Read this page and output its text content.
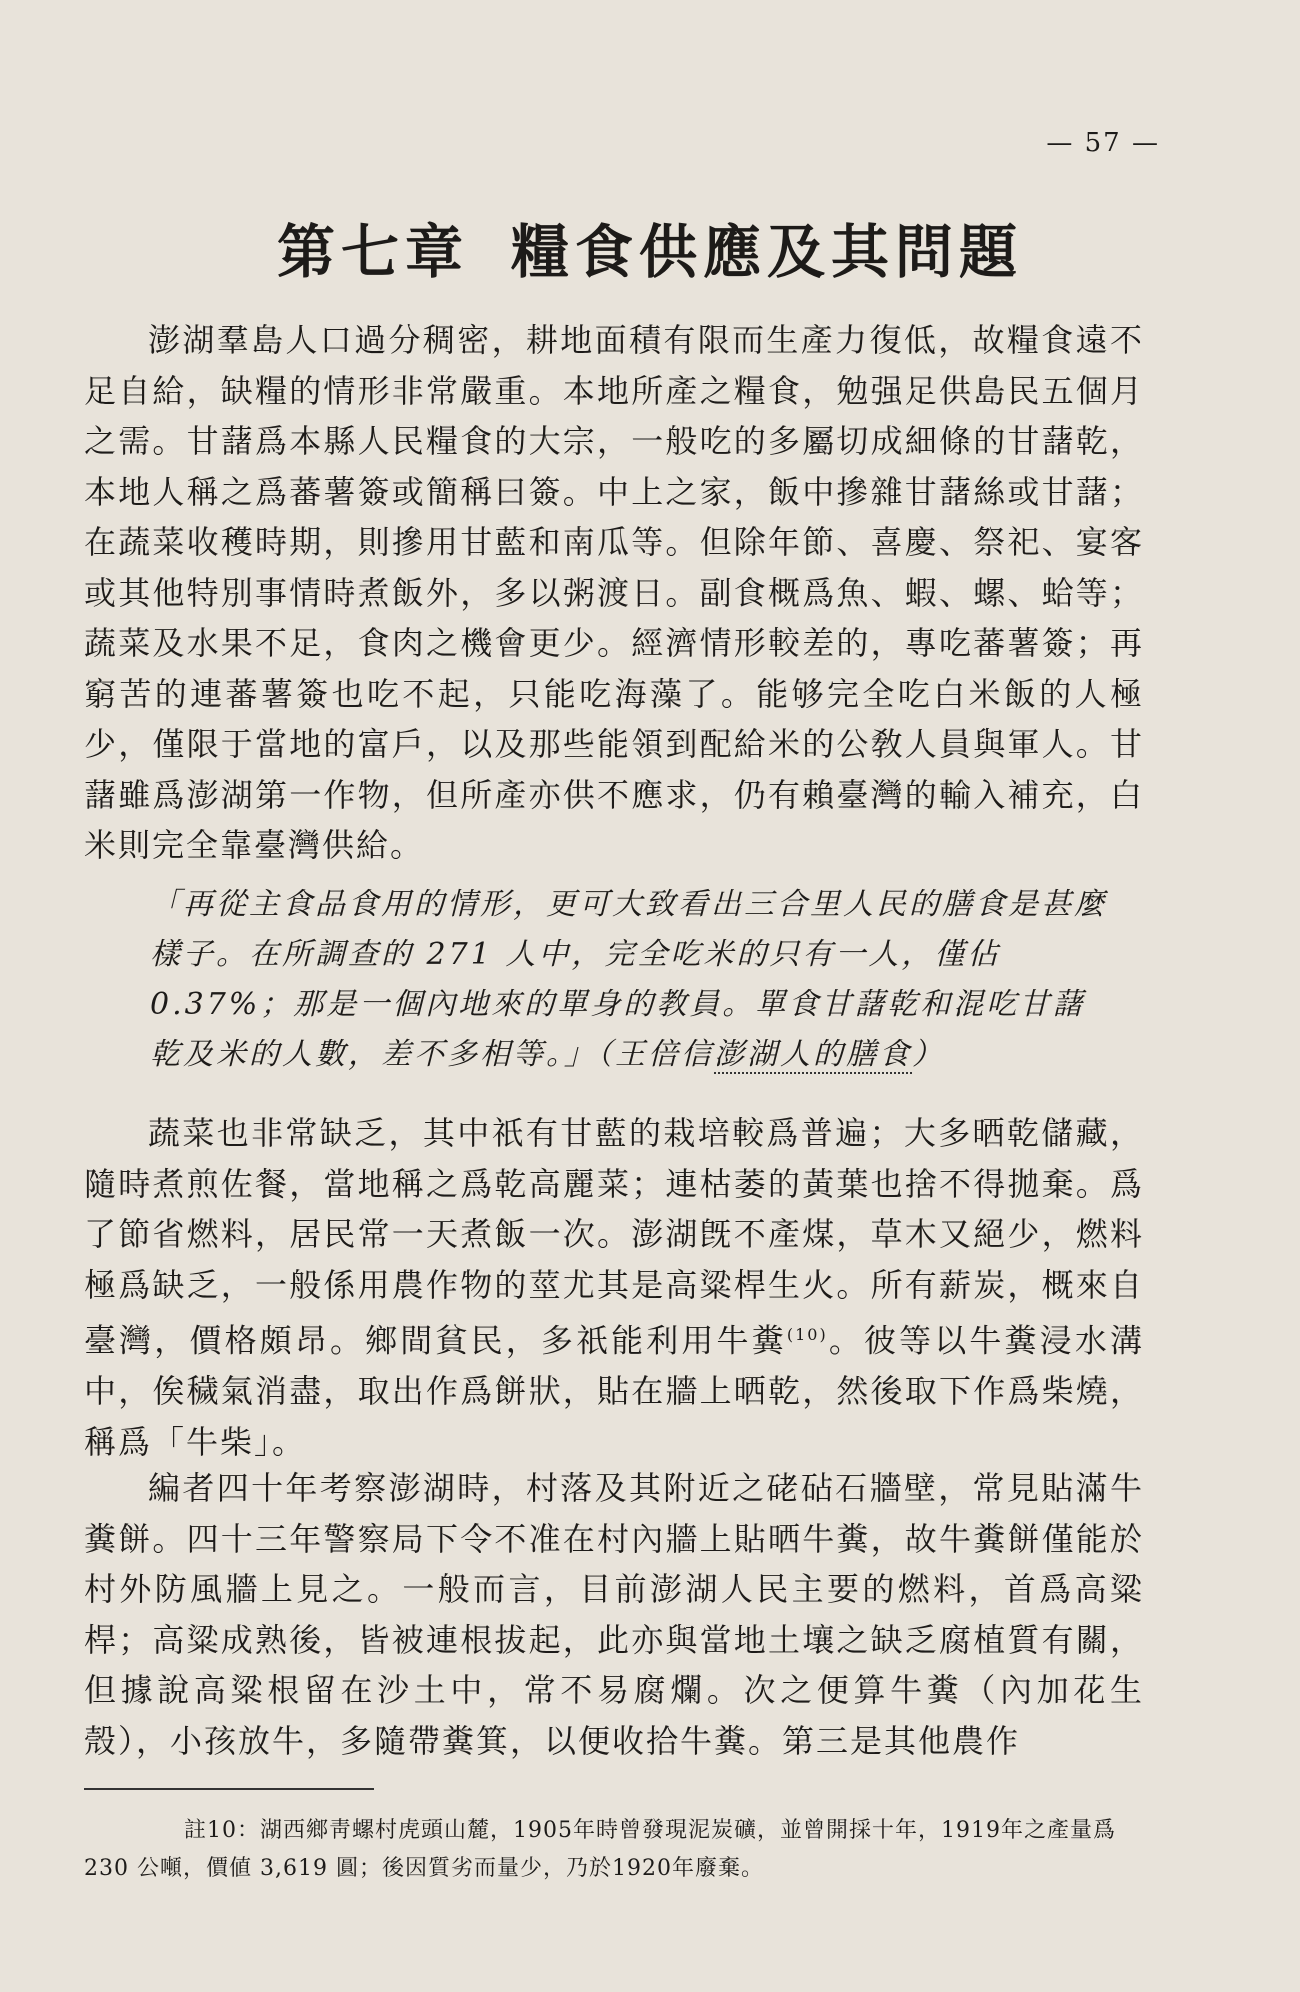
— 57 —
第七章 糧食供應及其問題

澎湖羣島人口過分稠密，耕地面積有限而生產力復低，故糧食遠不足自給，缺糧的情形非常嚴重。本地所產之糧食，勉强足供島民五個月之需。甘藷爲本縣人民糧食的大宗，一般吃的多屬切成細條的甘藷乾，本地人稱之爲蕃薯簽或簡稱曰簽。中上之家，飯中摻雜甘藷絲或甘藷；在蔬菜收穫時期，則摻用甘藍和南瓜等。但除年節、喜慶、祭祀、宴客或其他特別事情時煮飯外，多以粥渡日。副食概爲魚、蝦、螺、蛤等；蔬菜及水果不足，食肉之機會更少。經濟情形較差的，專吃蕃薯簽；再窮苦的連蕃薯簽也吃不起，只能吃海藻了。能够完全吃白米飯的人極少，僅限于當地的富戶，以及那些能領到配給米的公敎人員與軍人。甘藷雖爲澎湖第一作物，但所產亦供不應求，仍有賴臺灣的輸入補充，白米則完全靠臺灣供給。

「再從主食品食用的情形，更可大致看出三合里人民的膳食是甚麼樣子。在所調查的 271 人中，完全吃米的只有一人，僅佔 0.37%；那是一個內地來的單身的教員。單食甘藷乾和混吃甘藷乾及米的人數，差不多相等。」（王倍信澎湖人的膳食）

蔬菜也非常缺乏，其中祇有甘藍的栽培較爲普遍；大多晒乾儲藏，隨時煮煎佐餐，當地稱之爲乾高麗菜；連枯萎的黃葉也捨不得拋棄。爲了節省燃料，居民常一天煮飯一次。澎湖旣不產煤，草木又絕少，燃料極爲缺乏，一般係用農作物的莖尤其是高粱桿生火。所有薪炭，概來自臺灣，價格頗昂。鄉間貧民，多祇能利用牛糞$^{(10)}$。彼等以牛糞浸水溝中，俟穢氣消盡，取出作爲餅狀，貼在牆上晒乾，然後取下作爲柴燒，稱爲「牛柴」。

編者四十年考察澎湖時，村落及其附近之硓砧石牆壁，常見貼滿牛糞餅。四十三年警察局下令不准在村內牆上貼晒牛糞，故牛糞餅僅能於村外防風牆上見之。一般而言，目前澎湖人民主要的燃料，首爲高粱桿；高粱成熟後，皆被連根拔起，此亦與當地土壤之缺乏腐植質有關，但據說高粱根留在沙土中，常不易腐爛。次之便算牛糞（內加花生殼），小孩放牛，多隨帶糞箕，以便收拾牛糞。第三是其他農作

註10：湖西鄉靑螺村虎頭山麓，1905年時曾發現泥炭礦，並曾開採十年，1919年之產量爲 230 公噸，價値 3,619 圓；後因質劣而量少，乃於1920年廢棄。
